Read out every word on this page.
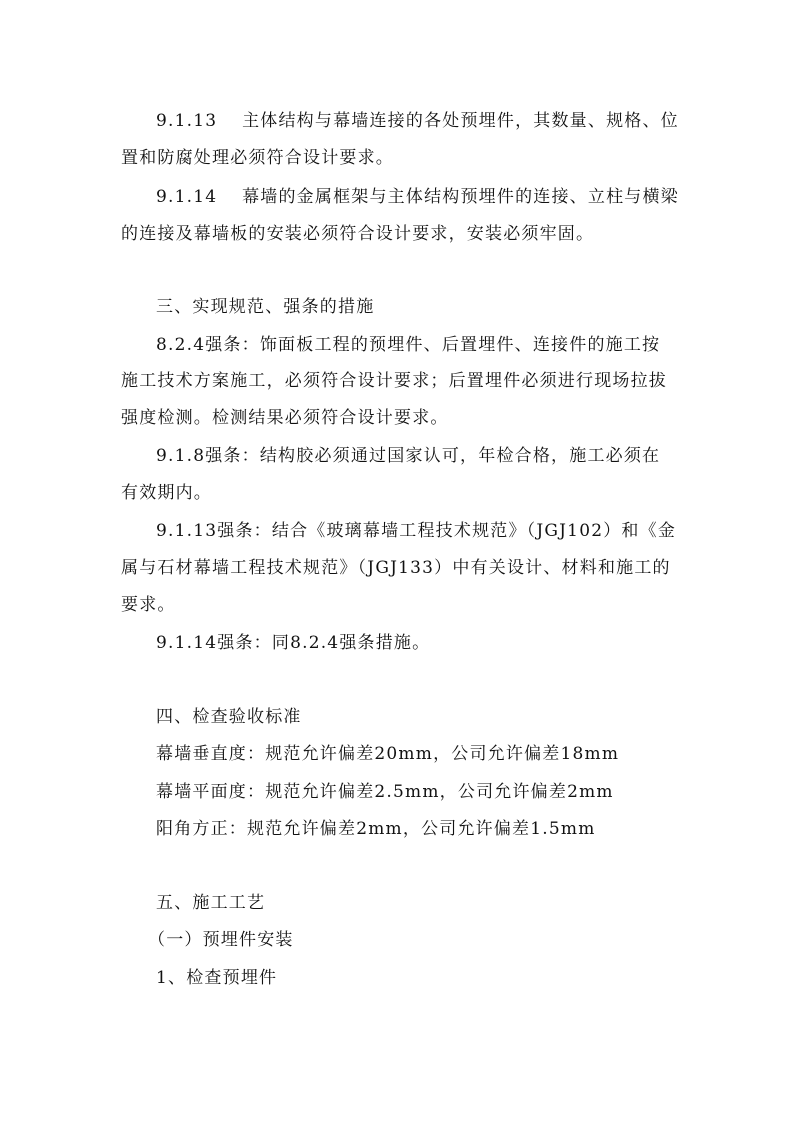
9.1.13　 主体结构与幕墙连接的各处预埋件，其数量、规格、位
置和防腐处理必须符合设计要求。
9.1.14　 幕墙的金属框架与主体结构预埋件的连接、立柱与横梁
的连接及幕墙板的安装必须符合设计要求，安装必须牢固。
三、实现规范、强条的措施
8.2.4强条：饰面板工程的预埋件、后置埋件、连接件的施工按
施工技术方案施工，必须符合设计要求；后置埋件必须进行现场拉拔
强度检测。检测结果必须符合设计要求。
9.1.8强条：结构胶必须通过国家认可，年检合格，施工必须在
有效期内。
9.1.13强条：结合《玻璃幕墙工程技术规范》（JGJ102）和《金
属与石材幕墙工程技术规范》（JGJ133）中有关设计、材料和施工的
要求。
9.1.14强条：同8.2.4强条措施。
四、检查验收标准
幕墙垂直度：规范允许偏差20mm，公司允许偏差18mm
幕墙平面度：规范允许偏差2.5mm，公司允许偏差2mm
阳角方正：规范允许偏差2mm，公司允许偏差1.5mm
五、施工工艺
（一）预埋件安装
1、检查预埋件
